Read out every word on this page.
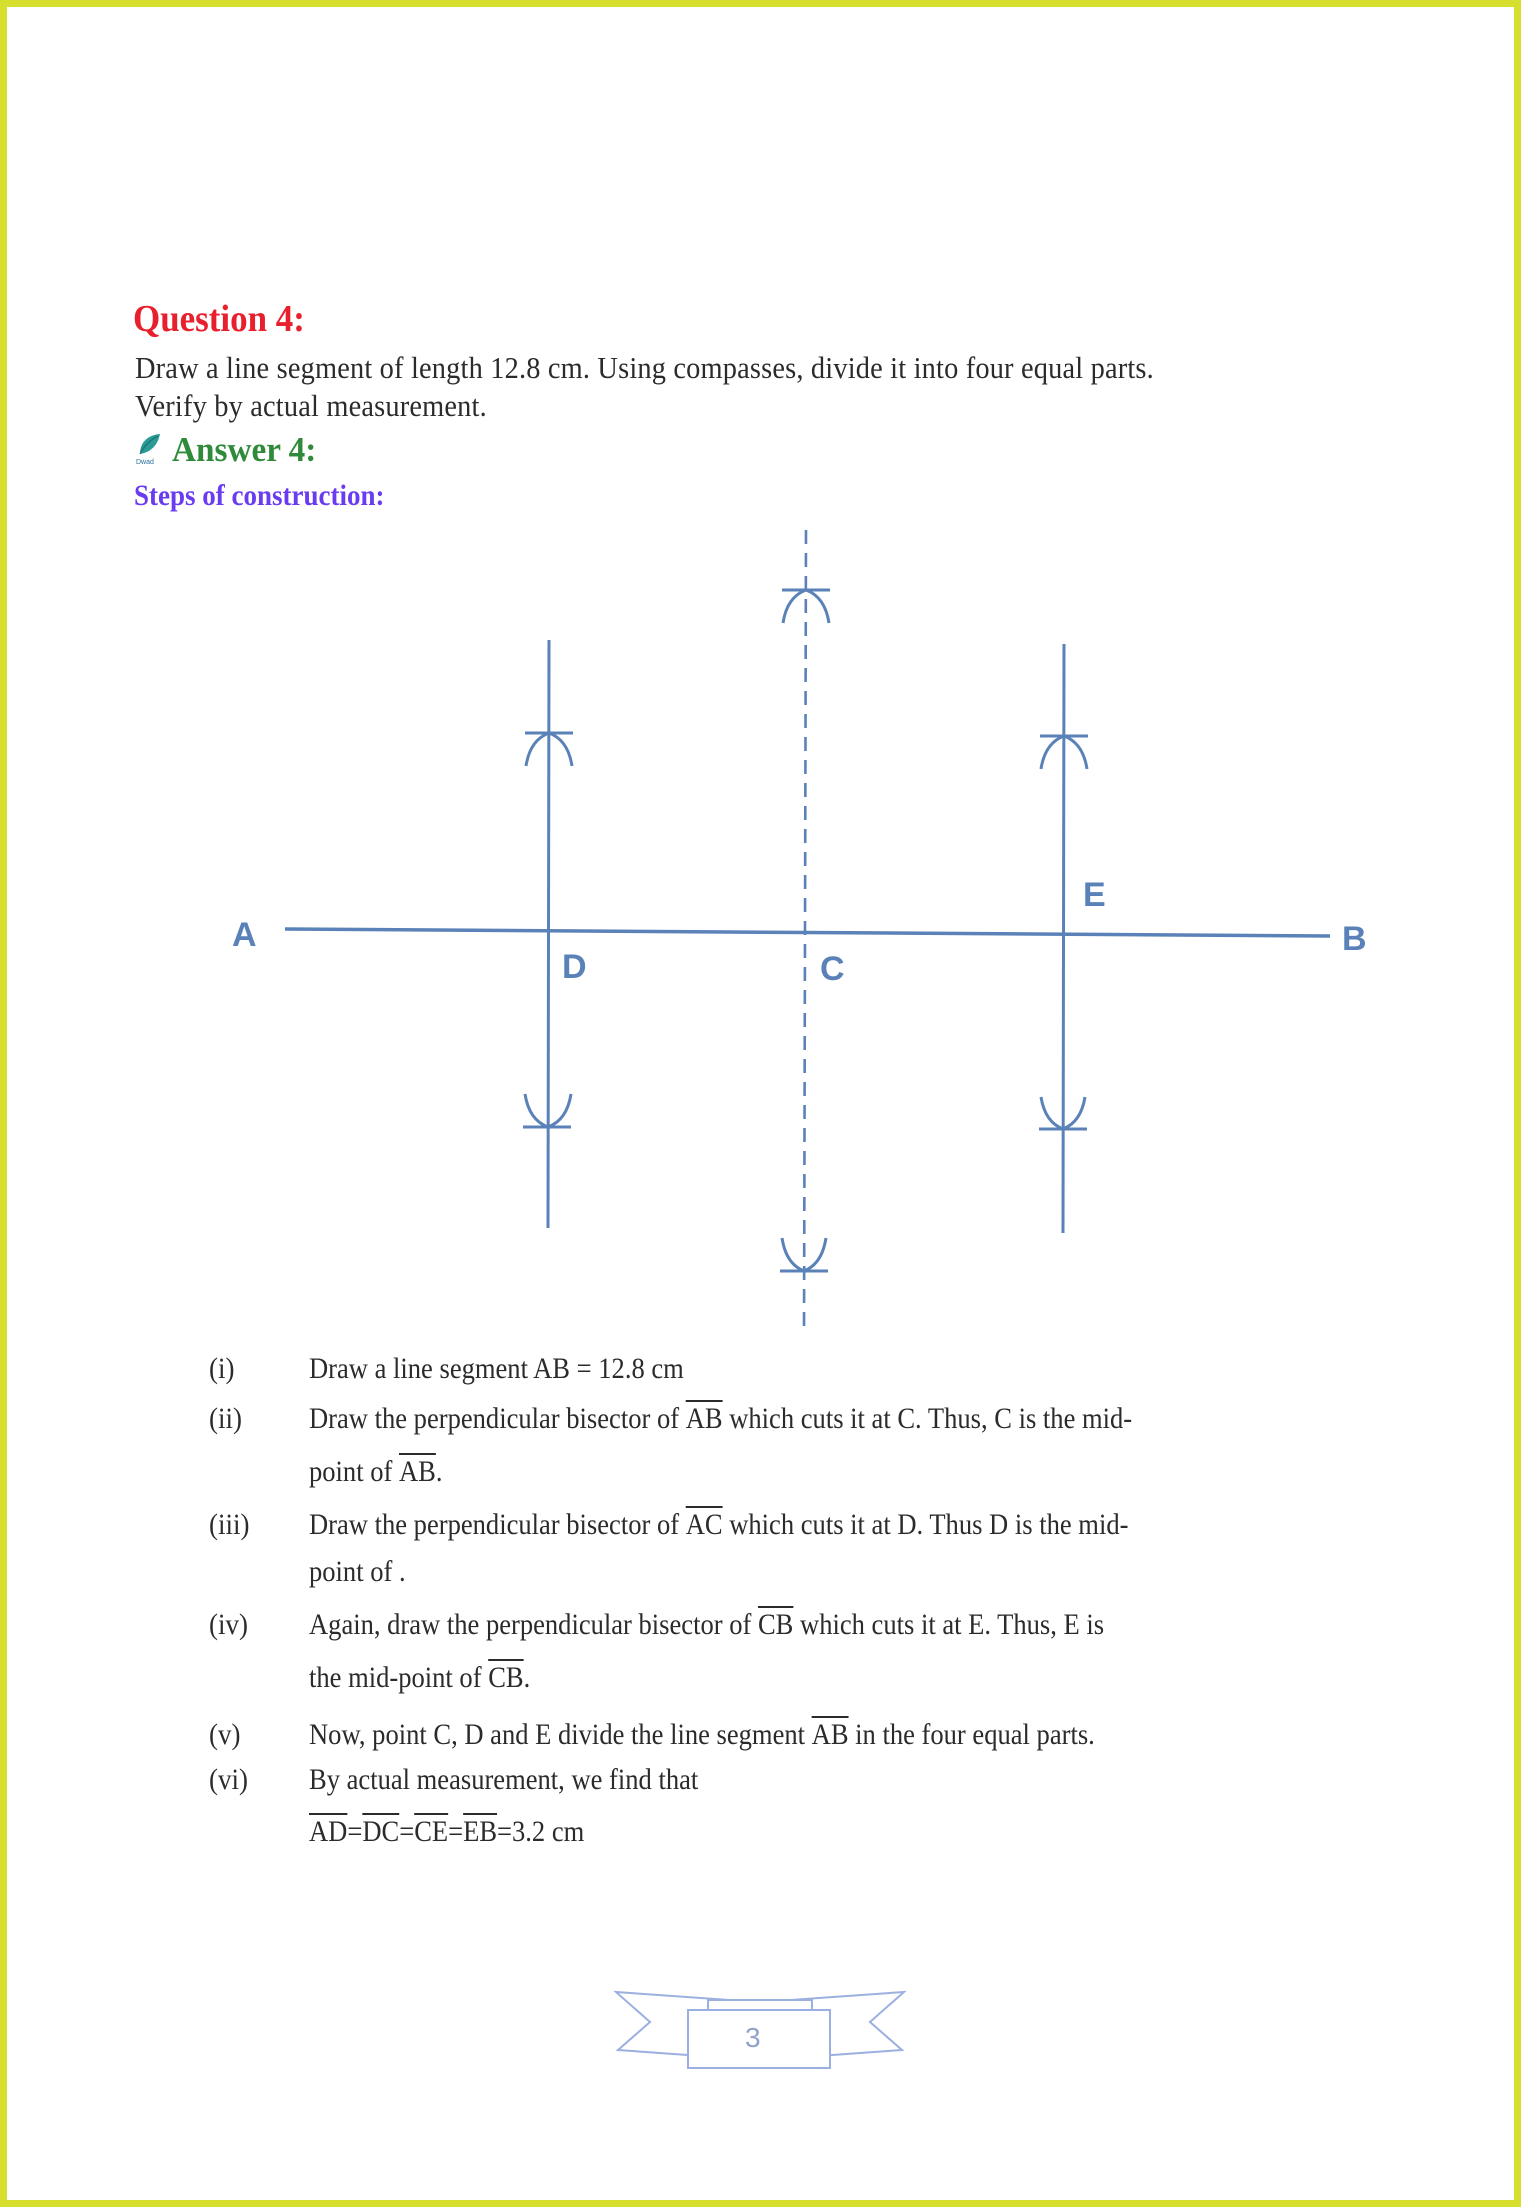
Question 4:
Draw a line segment of length 12.8 cm. Using compasses, divide it into four equal parts.
Verify by actual measurement.
Dwad Answer 4:
Steps of construction:
A	B
D	C
E
(i) Draw a line segment AB = 12.8 cm
(ii) Draw the perpendicular bisector of $\overline{AB}$ which cuts it at C. Thus, C is the mid-
point of $\overline{AB}$.
(iii) Draw the perpendicular bisector of $\overline{AC}$ which cuts it at D. Thus D is the mid-
point of .
(iv) Again, draw the perpendicular bisector of $\overline{CB}$ which cuts it at E. Thus, E is
the mid-point of $\overline{CB}$.
(v) Now, point C, D and E divide the line segment $\overline{AB}$ in the four equal parts.
(vi) By actual measurement, we find that
$\overline{AD}=\overline{DC}=\overline{CE}=\overline{EB}=3.2$ cm
3
